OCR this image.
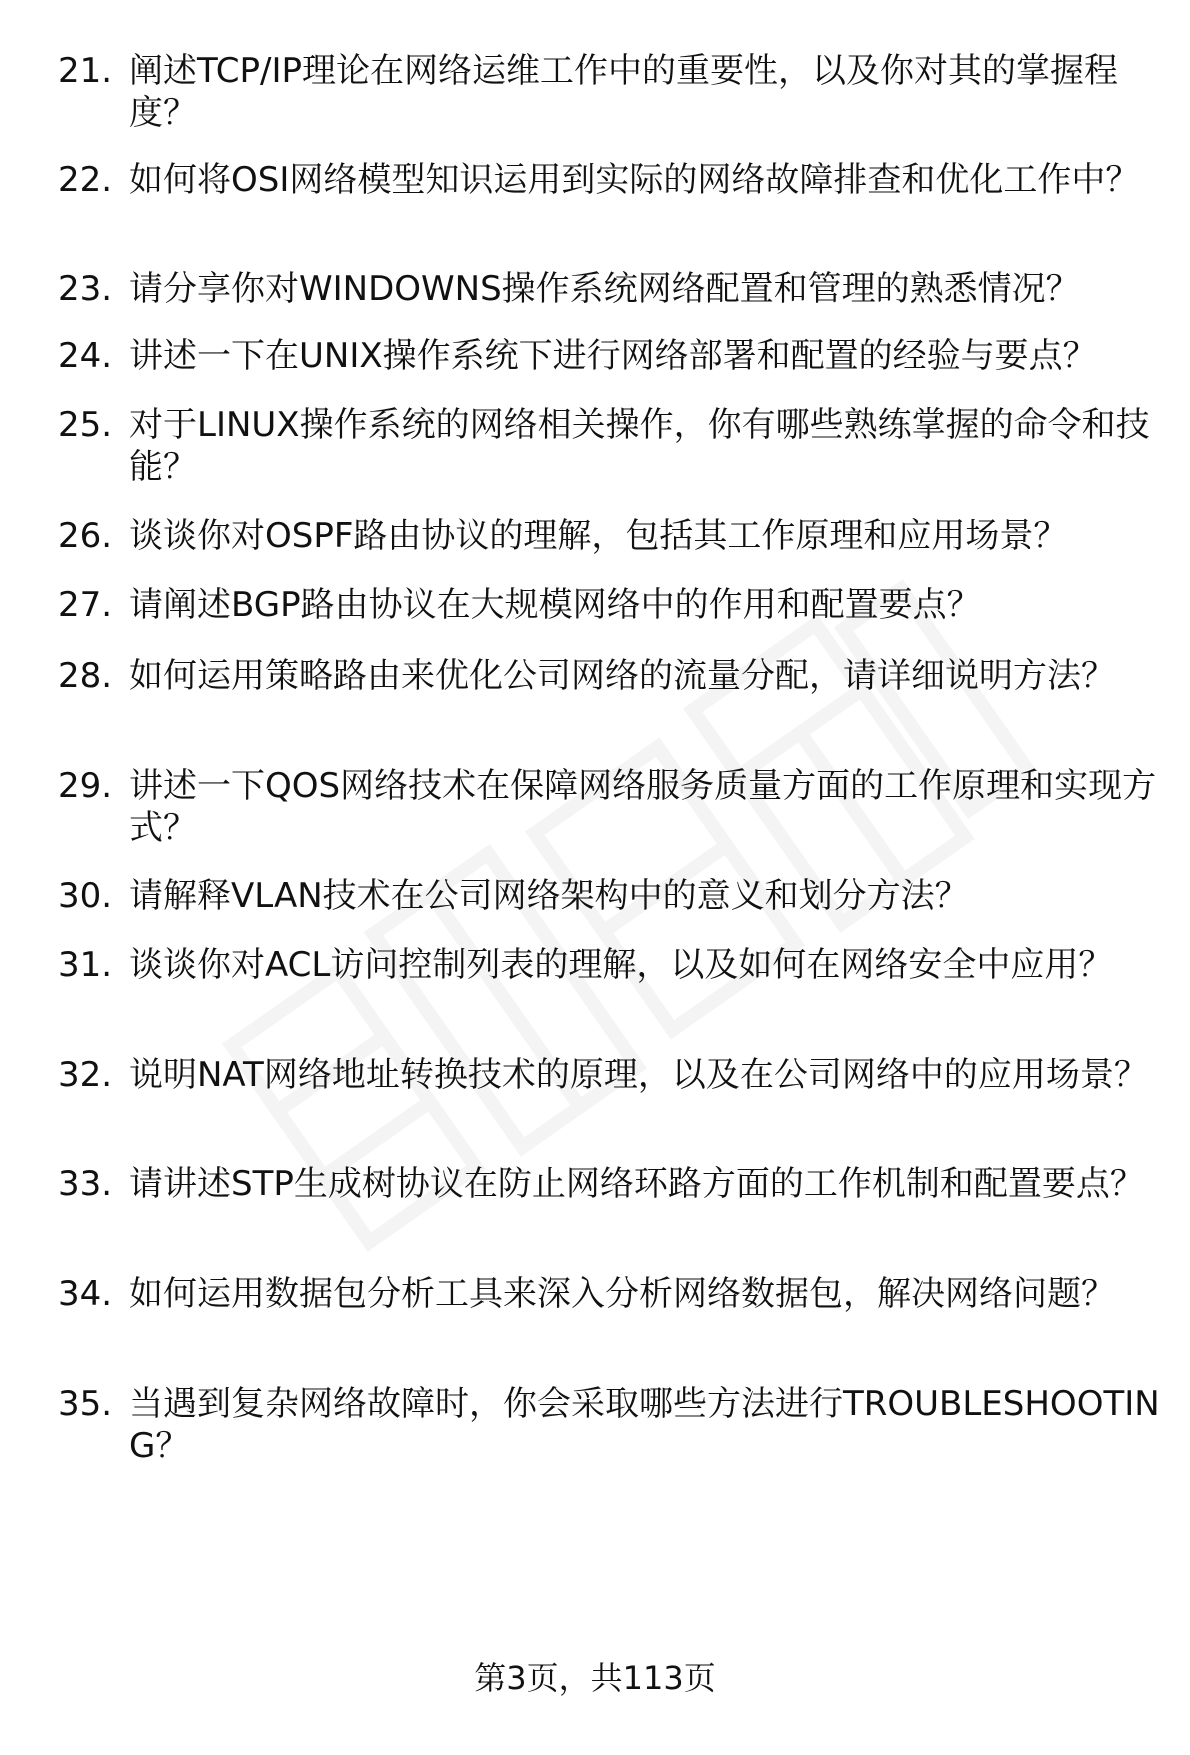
21. 阐述TCP/IP理论在网络运维工作中的重要性，以及你对其的掌握程度？
22. 如何将OSI网络模型知识运用到实际的网络故障排查和优化工作中？
23. 请分享你对WINDOWNS操作系统网络配置和管理的熟悉情况？
24. 讲述一下在UNIX操作系统下进行网络部署和配置的经验与要点？
25. 对于LINUX操作系统的网络相关操作，你有哪些熟练掌握的命令和技能？
26. 谈谈你对OSPF路由协议的理解，包括其工作原理和应用场景？
27. 请阐述BGP路由协议在大规模网络中的作用和配置要点？
28. 如何运用策略路由来优化公司网络的流量分配，请详细说明方法？
29. 讲述一下QOS网络技术在保障网络服务质量方面的工作原理和实现方式？
30. 请解释VLAN技术在公司网络架构中的意义和划分方法？
31. 谈谈你对ACL访问控制列表的理解，以及如何在网络安全中应用？
32. 说明NAT网络地址转换技术的原理，以及在公司网络中的应用场景？
33. 请讲述STP生成树协议在防止网络环路方面的工作机制和配置要点？
34. 如何运用数据包分析工具来深入分析网络数据包，解决网络问题？
35. 当遇到复杂网络故障时，你会采取哪些方法进行TROUBLESHOOTING？
第3页，共113页
